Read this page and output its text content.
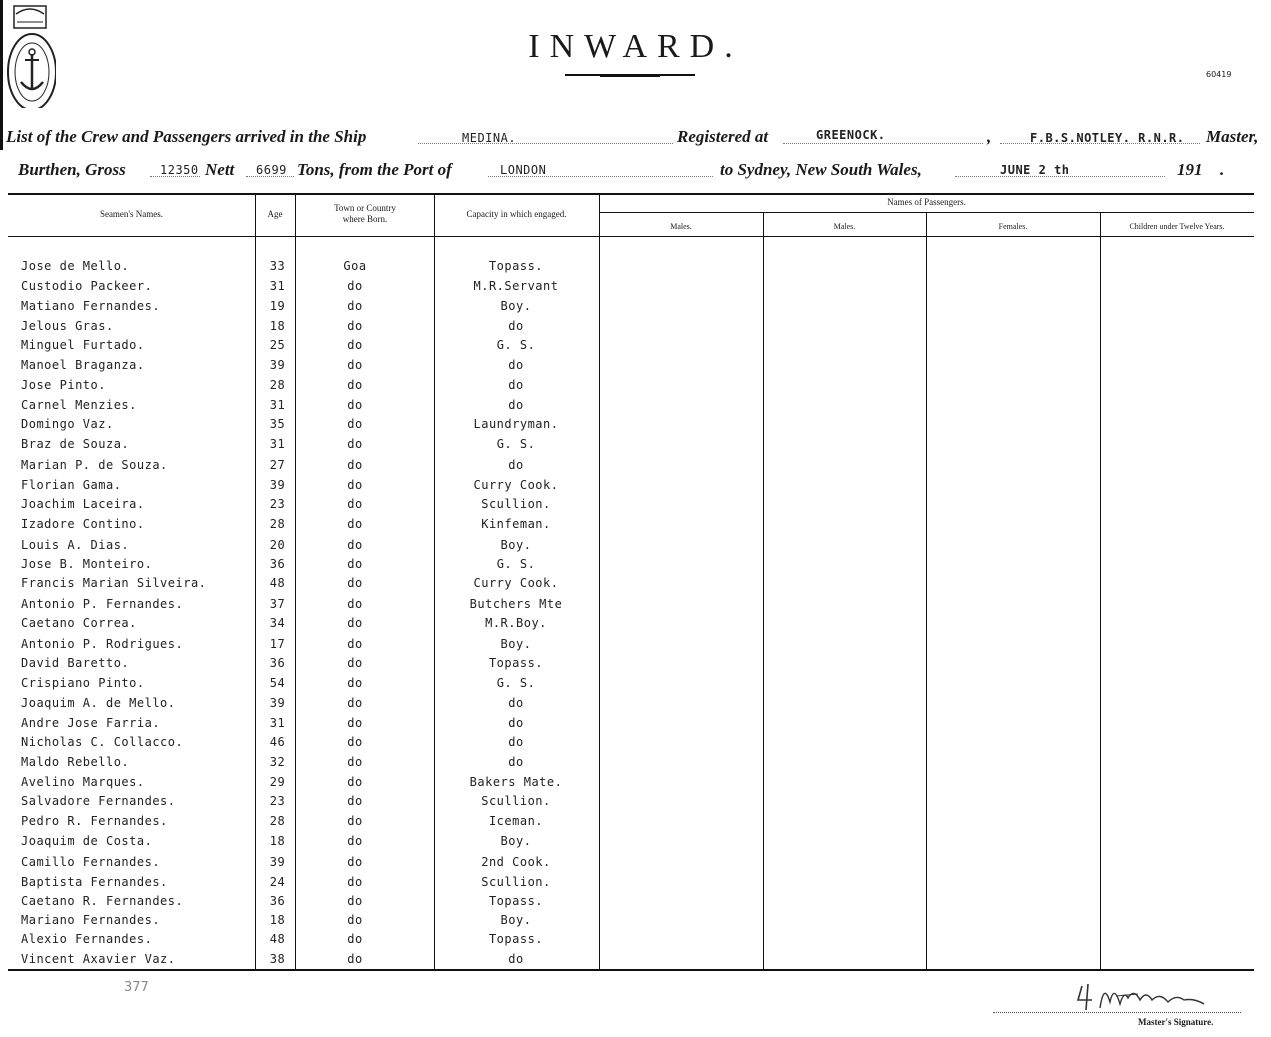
INWARD.
60419
List of the Crew and Passengers arrived in the Ship	MEDINA.	Registered at	GREENOCK.	,	F.B.S.NOTLEY. R.N.R. Master,
Burthen, Gross	12350 Nett 6699 Tons, from the Port of	LONDON	to Sydney, New South Wales,	JUNE 2 th	191 .
Seamen's Names.	Age
Town or Country where Born.	Capacity in which engaged.
Names of Passengers.
Males.	Males.	Females.	Children under Twelve Years.
Jose de Mello.	33	Goa	Topass.
Custodio Packeer.	31	do	M.R.Servant
Matiano Fernandes.	19	do	Boy.
Jelous Gras.	18	do	do
Minguel Furtado.	25	do	G. S.
Manoel Braganza.	39	do	do
Jose Pinto.	28	do	do
Carnel Menzies.	31	do	do
Domingo Vaz.	35	do	Laundryman.
Braz de Souza.	31	do	G. S.
Marian P. de Souza.	27	do	do
Florian Gama.	39	do	Curry Cook.
Joachim Laceira.	23	do	Scullion.
Izadore Contino.	28	do	Kinfeman.
Louis A. Dias.	20	do	Boy.
Jose B. Monteiro.	36	do	G. S.
Francis Marian Silveira.	48	do	Curry Cook.
Antonio P. Fernandes.	37	do	Butchers Mte
Caetano Correa.	34	do	M.R.Boy.
Antonio P. Rodrigues.	17	do	Boy.
David Baretto.	36	do	Topass.
Crispiano Pinto.	54	do	G. S.
Joaquim A. de Mello.	39	do	do
Andre Jose Farria.	31	do	do
Nicholas C. Collacco.	46	do	do
Maldo Rebello.	32	do	do
Avelino Marques.	29	do	Bakers Mate.
Salvadore Fernandes.	23	do	Scullion.
Pedro R. Fernandes.	28	do	Iceman.
Joaquim de Costa.	18	do	Boy.
Camillo Fernandes.	39	do	2nd Cook.
Baptista Fernandes.	24	do	Scullion.
Caetano R. Fernandes.	36	do	Topass.
Mariano Fernandes.	18	do	Boy.
Alexio Fernandes.	48	do	Topass.
Vincent Axavier Vaz.	38	do	do
377
Master's Signature.
